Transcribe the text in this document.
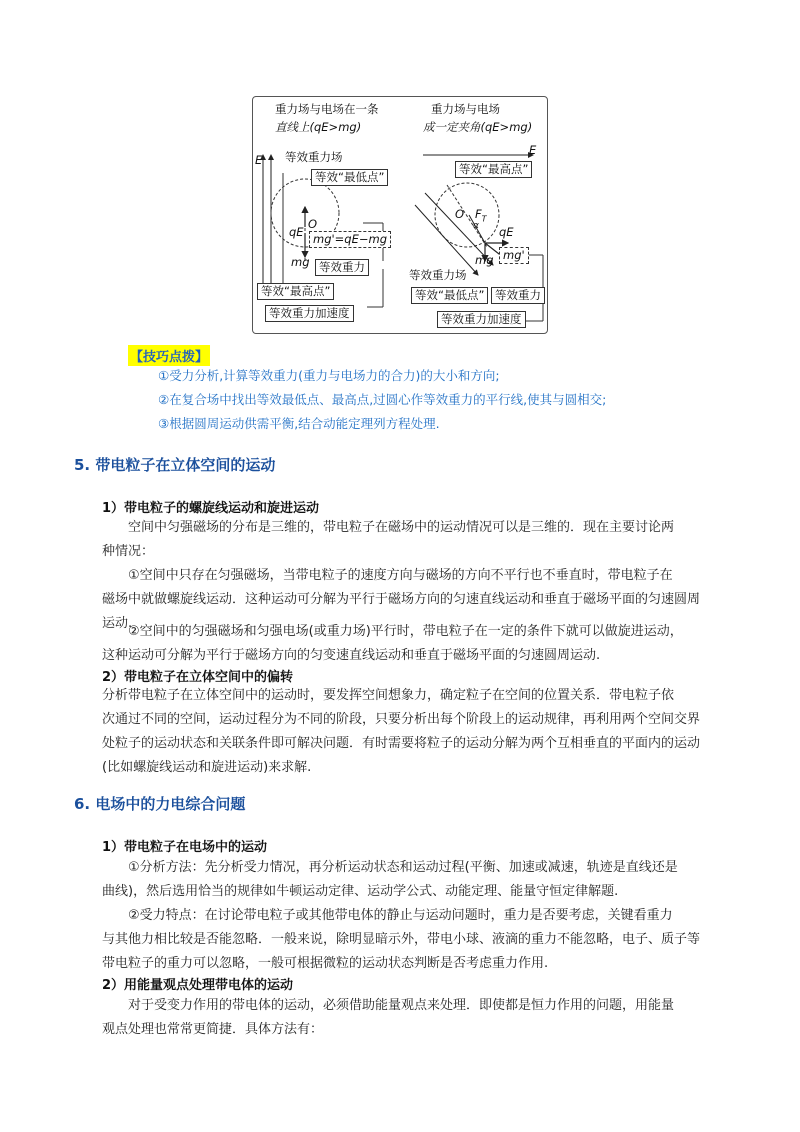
重力场与电场在一条
直线上(qE>mg)
E 等效重力场
等效“最低点”
O
qE mg'=qE−mg
mg 等效重力
等效“最高点”
等效重力加速度
重力场与电场
成一定夹角(qE>mg)
E
等效“最高点”
O $F_T$
α qE
mg mg'
等效重力场
等效“最低点” 等效重力
等效重力加速度
【技巧点拨】
①受力分析,计算等效重力(重力与电场力的合力)的大小和方向;
②在复合场中找出等效最低点、最高点,过圆心作等效重力的平行线,使其与圆相交;
③根据圆周运动供需平衡,结合动能定理列方程处理.
5. 带电粒子在立体空间的运动
1）带电粒子的螺旋线运动和旋进运动
空间中匀强磁场的分布是三维的，带电粒子在磁场中的运动情况可以是三维的．现在主要讨论两
种情况：
①空间中只存在匀强磁场，当带电粒子的速度方向与磁场的方向不平行也不垂直时，带电粒子在
磁场中就做螺旋线运动．这种运动可分解为平行于磁场方向的匀速直线运动和垂直于磁场平面的匀速圆周
运动.
②空间中的匀强磁场和匀强电场(或重力场)平行时，带电粒子在一定的条件下就可以做旋进运动，
这种运动可分解为平行于磁场方向的匀变速直线运动和垂直于磁场平面的匀速圆周运动.
2）带电粒子在立体空间中的偏转
分析带电粒子在立体空间中的运动时，要发挥空间想象力，确定粒子在空间的位置关系．带电粒子依
次通过不同的空间，运动过程分为不同的阶段，只要分析出每个阶段上的运动规律，再利用两个空间交界
处粒子的运动状态和关联条件即可解决问题．有时需要将粒子的运动分解为两个互相垂直的平面内的运动
(比如螺旋线运动和旋进运动)来求解.
6. 电场中的力电综合问题
1）带电粒子在电场中的运动
①分析方法：先分析受力情况，再分析运动状态和运动过程(平衡、加速或减速，轨迹是直线还是
曲线)，然后选用恰当的规律如牛顿运动定律、运动学公式、动能定理、能量守恒定律解题.
②受力特点：在讨论带电粒子或其他带电体的静止与运动问题时，重力是否要考虑，关键看重力
与其他力相比较是否能忽略．一般来说，除明显暗示外，带电小球、液滴的重力不能忽略，电子、质子等
带电粒子的重力可以忽略，一般可根据微粒的运动状态判断是否考虑重力作用.
2）用能量观点处理带电体的运动
对于受变力作用的带电体的运动，必须借助能量观点来处理．即使都是恒力作用的问题，用能量
观点处理也常常更简捷．具体方法有：
